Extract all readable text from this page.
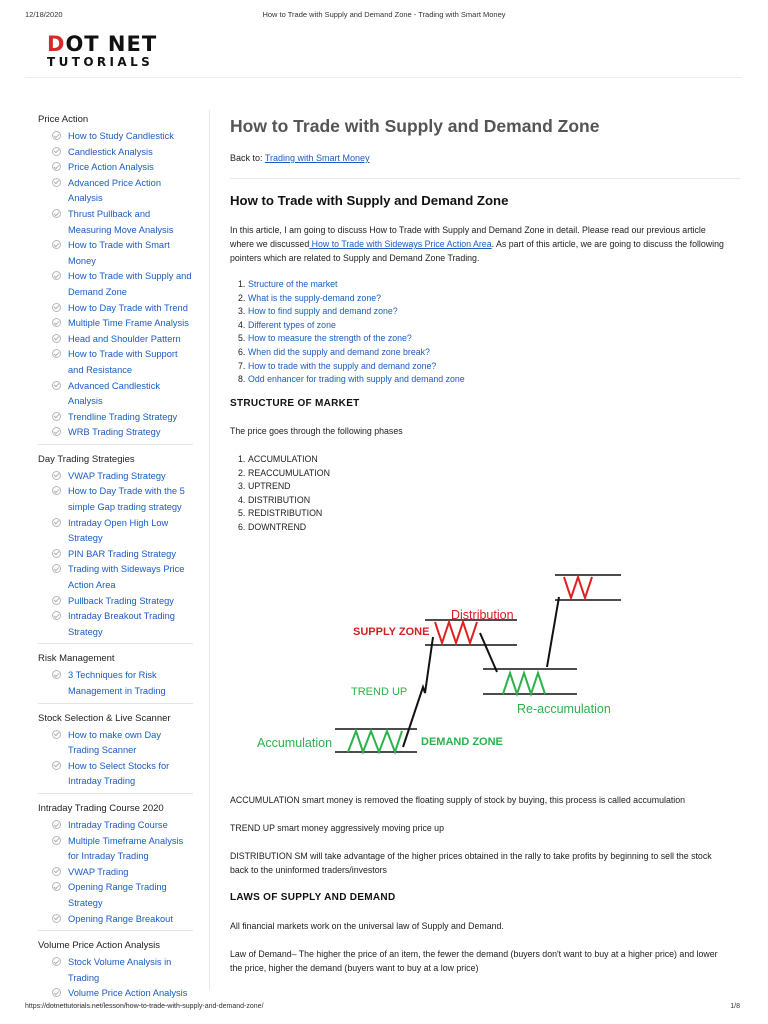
12/18/2020	How to Trade with Supply and Demand Zone - Trading with Smart Money
DOT NET
TUTORIALS
Price Action
How to Study Candlestick
Candlestick Analysis
Price Action Analysis
Advanced Price Action Analysis
Thrust Pullback and Measuring Move Analysis
How to Trade with Smart Money
How to Trade with Supply and Demand Zone
How to Day Trade with Trend
Multiple Time Frame Analysis
Head and Shoulder Pattern
How to Trade with Support and Resistance
Advanced Candlestick Analysis
Trendline Trading Strategy
WRB Trading Strategy
Day Trading Strategies
VWAP Trading Strategy
How to Day Trade with the 5 simple Gap trading strategy
Intraday Open High Low Strategy
PIN BAR Trading Strategy
Trading with Sideways Price Action Area
Pullback Trading Strategy
Intraday Breakout Trading Strategy
Risk Management
3 Techniques for Risk Management in Trading
Stock Selection & Live Scanner
How to make own Day Trading Scanner
How to Select Stocks for Intraday Trading
Intraday Trading Course 2020
Intraday Trading Course
Multiple Timeframe Analysis for Intraday Trading
VWAP Trading
Opening Range Trading Strategy
Opening Range Breakout
Volume Price Action Analysis
Stock Volume Analysis in Trading
Volume Price Action Analysis
How to Trade with Supply and Demand Zone
Back to: Trading with Smart Money
How to Trade with Supply and Demand Zone

In this article, I am going to discuss How to Trade with Supply and Demand Zone in detail. Please read our previous article where we discussed How to Trade with Sideways Price Action Area. As part of this article, we are going to discuss the following pointers which are related to Supply and Demand Zone Trading.

1. Structure of the market
2. What is the supply-demand zone?
3. How to find supply and demand zone?
4. Different types of zone
5. How to measure the strength of the zone?
6. When did the supply and demand zone break?
7. How to trade with the supply and demand zone?
8. Odd enhancer for trading with supply and demand zone
STRUCTURE OF MARKET

The price goes through the following phases

1. ACCUMULATION
2. REACCUMULATION
3. UPTREND
4. DISTRIBUTION
5. REDISTRIBUTION
6. DOWNTREND

ACCUMULATION smart money is removed the floating supply of stock by buying, this process is called accumulation

TREND UP smart money aggressively moving price up

DISTRIBUTION SM will take advantage of the higher prices obtained in the rally to take profits by beginning to sell the stock back to the uninformed traders/investors

LAWS OF SUPPLY AND DEMAND

All financial markets work on the universal law of Supply and Demand.

Law of Demand– The higher the price of an item, the fewer the demand (buyers don't want to buy at a higher price) and lower the price, higher the demand (buyers want to buy at a low price)

Distribution
SUPPLY ZONE
TREND UP
Re-accumulation
Accumulation	DEMAND ZONE
https://dotnettutorials.net/lesson/how-to-trade-with-supply-and-demand-zone/	1/8
